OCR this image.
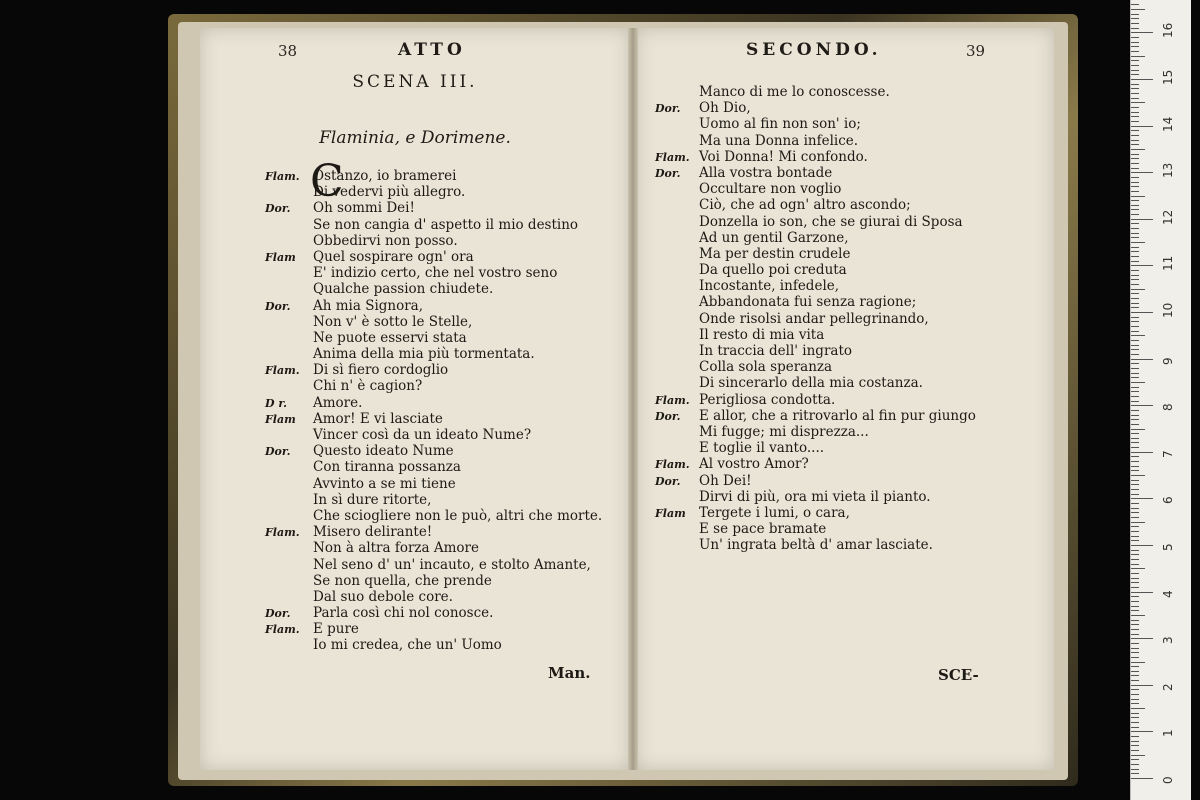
38	ATTO
SCENA III.
Flaminia, e Dorimene.
C
Flam. Ostanzo, io bramerei
Di vedervi più allegro.
Dor. Oh sommi Dei!
Se non cangia d' aspetto il mio destino
Obbedirvi non posso.
Flam Quel sospirare ogn' ora
E' indizio certo, che nel vostro seno
Qualche passion chiudete.
Dor. Ah mia Signora,
Non v' è sotto le Stelle,
Ne puote esservi stata
Anima della mia più tormentata.
Flam. Di sì fiero cordoglio
Chi n' è cagion?
D r. Amore.
Flam Amor! E vi lasciate
Vincer così da un ideato Nume?
Dor. Questo ideato Nume
Con tiranna possanza
Avvinto a se mi tiene
In sì dure ritorte,
Che sciogliere non le può, altri che morte.
Flam. Misero delirante!
Non à altra forza Amore
Nel seno d' un' incauto, e stolto Amante,
Se non quella, che prende
Dal suo debole core.
Dor. Parla così chi nol conosce.
Flam. E pure
Io mi credea, che un' Uomo
Man.
SECONDO.	39
Manco di me lo conoscesse.
Dor. Oh Dio,
Uomo al fin non son' io;
Ma una Donna infelice.
Flam. Voi Donna! Mi confondo.
Dor. Alla vostra bontade
Occultare non voglio
Ciò, che ad ogn' altro ascondo;
Donzella io son, che se giurai di Sposa
Ad un gentil Garzone,
Ma per destin crudele
Da quello poi creduta
Incostante, infedele,
Abbandonata fui senza ragione;
Onde risolsi andar pellegrinando,
Il resto di mia vita
In traccia dell' ingrato
Colla sola speranza
Di sincerarlo della mia costanza.
Flam. Perigliosa condotta.
Dor. E allor, che a ritrovarlo al fin pur giungo
Mi fugge; mi disprezza...
E toglie il vanto....
Flam. Al vostro Amor?
Dor. Oh Dei!
Dirvi di più, ora mi vieta il pianto.
Flam Tergete i lumi, o cara,
E se pace bramate
Un' ingrata beltà d' amar lasciate.
SCE-
0
1
2
3
4
5
6
7
8
9
10
11
12
13
14
15
16
